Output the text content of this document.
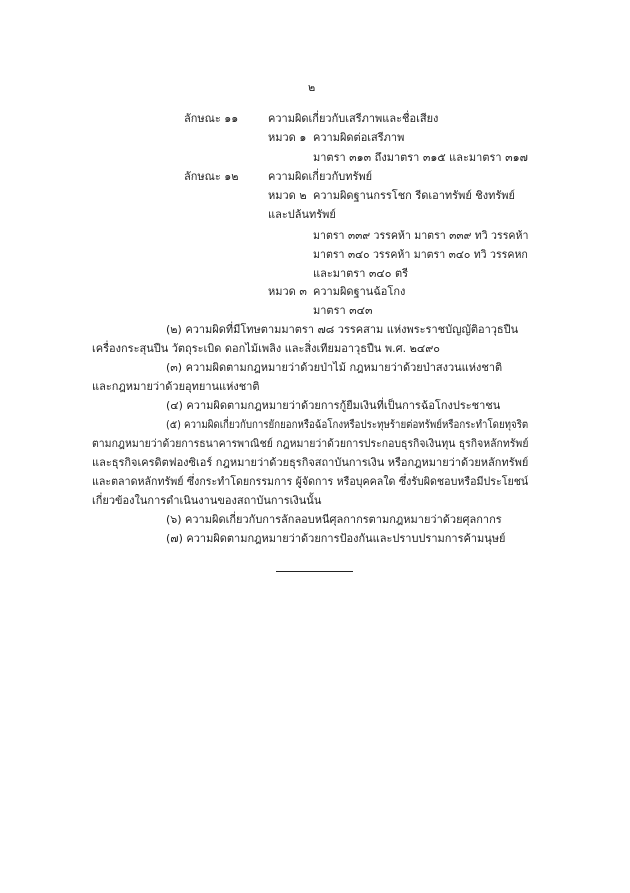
๒
ลักษณะ ๑๑	ความผิดเกี่ยวกับเสรีภาพและชื่อเสียง
หมวด ๑ ความผิดต่อเสรีภาพ
มาตรา ๓๑๓ ถึงมาตรา ๓๑๕ และมาตรา ๓๑๗
ลักษณะ ๑๒	ความผิดเกี่ยวกับทรัพย์
หมวด ๒ ความผิดฐานกรรโชก รีดเอาทรัพย์ ชิงทรัพย์
และปล้นทรัพย์
มาตรา ๓๓๙ วรรคห้า มาตรา ๓๓๙ ทวิ วรรคห้า
มาตรา ๓๔๐ วรรคห้า มาตรา ๓๔๐ ทวิ วรรคหก
และมาตรา ๓๔๐ ตรี
หมวด ๓ ความผิดฐานฉ้อโกง
มาตรา ๓๔๓
(๒) ความผิดที่มีโทษตามมาตรา ๗๘ วรรคสาม แห่งพระราชบัญญัติอาวุธปืน
เครื่องกระสุนปืน วัตถุระเบิด ดอกไม้เพลิง และสิ่งเทียมอาวุธปืน พ.ศ. ๒๔๙๐
(๓) ความผิดตามกฎหมายว่าด้วยป่าไม้ กฎหมายว่าด้วยป่าสงวนแห่งชาติ
และกฎหมายว่าด้วยอุทยานแห่งชาติ
(๔) ความผิดตามกฎหมายว่าด้วยการกู้ยืมเงินที่เป็นการฉ้อโกงประชาชน
(๕) ความผิดเกี่ยวกับการยักยอกหรือฉ้อโกงหรือประทุษร้ายต่อทรัพย์หรือกระทำโดยทุจริต
ตามกฎหมายว่าด้วยการธนาคารพาณิชย์ กฎหมายว่าด้วยการประกอบธุรกิจเงินทุน ธุรกิจหลักทรัพย์
และธุรกิจเครดิตฟองซิเอร์ กฎหมายว่าด้วยธุรกิจสถาบันการเงิน หรือกฎหมายว่าด้วยหลักทรัพย์
และตลาดหลักทรัพย์ ซึ่งกระทำโดยกรรมการ ผู้จัดการ หรือบุคคลใด ซึ่งรับผิดชอบหรือมีประโยชน์
เกี่ยวข้องในการดำเนินงานของสถาบันการเงินนั้น
(๖) ความผิดเกี่ยวกับการลักลอบหนีศุลกากรตามกฎหมายว่าด้วยศุลกากร
(๗) ความผิดตามกฎหมายว่าด้วยการป้องกันและปราบปรามการค้ามนุษย์
